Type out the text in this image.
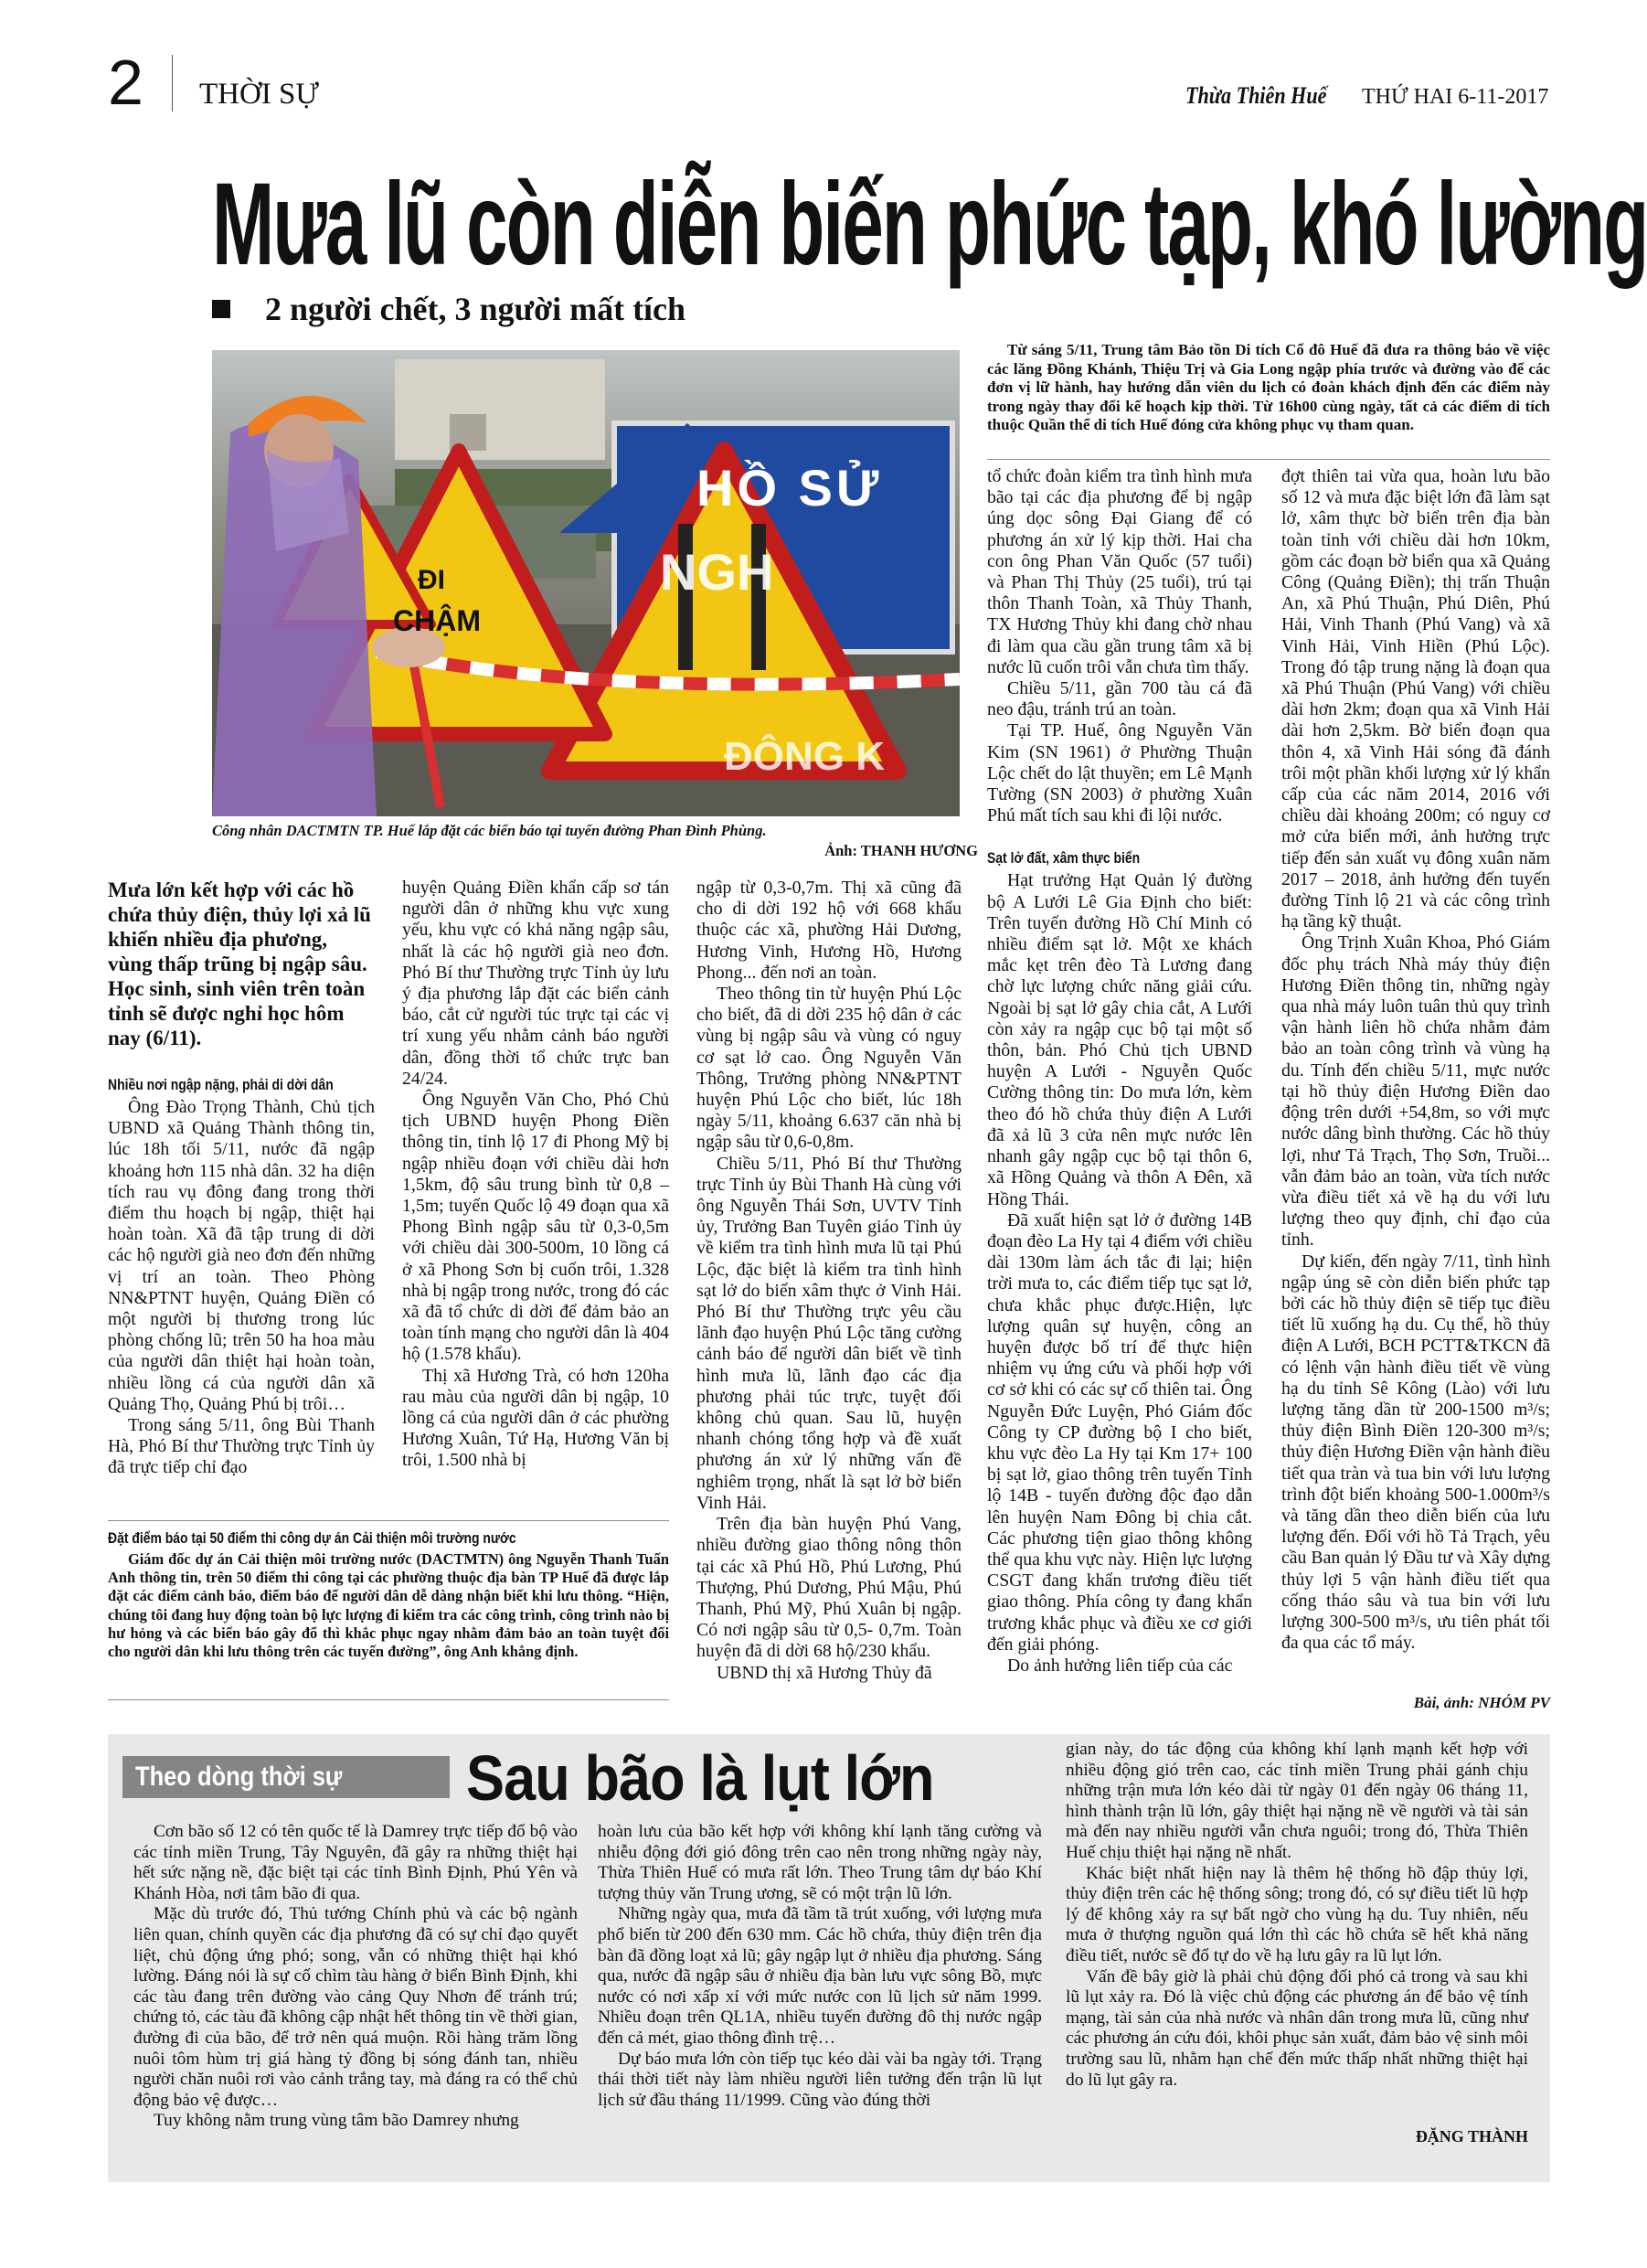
2 THỜI SỰ	Thừa Thiên Huế THỨ HAI 6-11-2017
Mưa lũ còn diễn biến phức tạp, khó lường
2 người chết, 3 người mất tích
ĐI
CHẬM
HỒ SỬ
NGH
ĐÔNG K
Công nhân DACTMTN TP. Huế lắp đặt các biển báo tại tuyến đường Phan Đình Phùng.
Ảnh: THANH HƯƠNG

Từ sáng 5/11, Trung tâm Bảo tồn Di tích Cố đô Huế đã đưa ra thông báo về việc các lăng Đồng Khánh, Thiệu Trị và Gia Long ngập phía trước và đường vào để các đơn vị lữ hành, hay hướng dẫn viên du lịch có đoàn khách định đến các điểm này trong ngày thay đổi kế hoạch kịp thời. Từ 16h00 cùng ngày, tất cả các điểm di tích thuộc Quần thể di tích Huế đóng cửa không phục vụ tham quan.

tổ chức đoàn kiểm tra tình hình mưa bão tại các địa phương để bị ngập úng dọc sông Đại Giang để có phương án xử lý kịp thời. Hai cha con ông Phan Văn Quốc (57 tuổi) và Phan Thị Thủy (25 tuổi), trú tại thôn Thanh Toàn, xã Thủy Thanh, TX Hương Thủy khi đang chờ nhau đi làm qua cầu gần trung tâm xã bị nước lũ cuốn trôi vẫn chưa tìm thấy.

Chiều 5/11, gần 700 tàu cá đã neo đậu, tránh trú an toàn.

Tại TP. Huế, ông Nguyễn Văn Kim (SN 1961) ở Phường Thuận Lộc chết do lật thuyền; em Lê Mạnh Tường (SN 2003) ở phường Xuân Phú mất tích sau khi đi lội nước.

Sạt lở đất, xâm thực biển

Hạt trưởng Hạt Quản lý đường bộ A Lưới Lê Gia Định cho biết: Trên tuyến đường Hồ Chí Minh có nhiều điểm sạt lở. Một xe khách mắc kẹt trên đèo Tà Lương đang chờ lực lượng chức năng giải cứu. Ngoài bị sạt lở gây chia cắt, A Lưới còn xảy ra ngập cục bộ tại một số thôn, bản. Phó Chủ tịch UBND huyện A Lưới - Nguyễn Quốc Cường thông tin: Do mưa lớn, kèm theo đó hồ chứa thủy điện A Lưới đã xả lũ 3 cửa nên mực nước lên nhanh gây ngập cục bộ tại thôn 6, xã Hồng Quảng và thôn A Đên, xã Hồng Thái.

Đã xuất hiện sạt lở ở đường 14B đoạn đèo La Hy tại 4 điểm với chiều dài 130m làm ách tắc đi lại; hiện trời mưa to, các điểm tiếp tục sạt lở, chưa khắc phục được.Hiện, lực lượng quân sự huyện, công an huyện được bố trí để thực hiện nhiệm vụ ứng cứu và phối hợp với cơ sở khi có các sự cố thiên tai. Ông Nguyễn Đức Luyện, Phó Giám đốc Công ty CP đường bộ I cho biết, khu vực đèo La Hy tại Km 17+ 100 bị sạt lở, giao thông trên tuyến Tỉnh lộ 14B - tuyến đường độc đạo dẫn lên huyện Nam Đông bị chia cắt. Các phương tiện giao thông không thể qua khu vực này. Hiện lực lượng CSGT đang khẩn trương điều tiết giao thông. Phía công ty đang khẩn trương khắc phục và điều xe cơ giới đến giải phóng.

Do ảnh hưởng liên tiếp của các

đợt thiên tai vừa qua, hoàn lưu bão số 12 và mưa đặc biệt lớn đã làm sạt lở, xâm thực bờ biển trên địa bàn toàn tỉnh với chiều dài hơn 10km, gồm các đoạn bờ biển qua xã Quảng Công (Quảng Điền); thị trấn Thuận An, xã Phú Thuận, Phú Diên, Phú Hải, Vinh Thanh (Phú Vang) và xã Vinh Hải, Vinh Hiền (Phú Lộc). Trong đó tập trung nặng là đoạn qua xã Phú Thuận (Phú Vang) với chiều dài hơn 2km; đoạn qua xã Vinh Hải dài hơn 2,5km. Bờ biển đoạn qua thôn 4, xã Vinh Hải sóng đã đánh trôi một phần khối lượng xử lý khẩn cấp của các năm 2014, 2016 với chiều dài khoảng 200m; có nguy cơ mở cửa biển mới, ảnh hưởng trực tiếp đến sản xuất vụ đông xuân năm 2017 – 2018, ảnh hưởng đến tuyến đường Tỉnh lộ 21 và các công trình hạ tầng kỹ thuật.

Ông Trịnh Xuân Khoa, Phó Giám đốc phụ trách Nhà máy thủy điện Hương Điền thông tin, những ngày qua nhà máy luôn tuân thủ quy trình vận hành liên hồ chứa nhằm đảm bảo an toàn công trình và vùng hạ du. Tính đến chiều 5/11, mực nước tại hồ thủy điện Hương Điền dao động trên dưới +54,8m, so với mực nước dâng bình thường. Các hồ thủy lợi, như Tả Trạch, Thọ Sơn, Truồi... vẫn đảm bảo an toàn, vừa tích nước vừa điều tiết xả về hạ du với lưu lượng theo quy định, chỉ đạo của tỉnh.

Dự kiến, đến ngày 7/11, tình hình ngập úng sẽ còn diễn biến phức tạp bởi các hồ thủy điện sẽ tiếp tục điều tiết lũ xuống hạ du. Cụ thể, hồ thủy điện A Lưới, BCH PCTT&TKCN đã có lệnh vận hành điều tiết về vùng hạ du tỉnh Sê Kông (Lào) với lưu lượng tăng dần từ 200-1500 m³/s; thủy điện Bình Điền 120-300 m³/s; thủy điện Hương Điền vận hành điều tiết qua tràn và tua bin với lưu lượng trình đột biến khoảng 500-1.000m³/s và tăng dần theo diễn biến của lưu lượng đến. Đối với hồ Tả Trạch, yêu cầu Ban quản lý Đầu tư và Xây dựng thủy lợi 5 vận hành điều tiết qua cống tháo sâu và tua bin với lưu lượng 300-500 m³/s, ưu tiên phát tối đa qua các tổ máy.

Bài, ảnh: NHÓM PV
Mưa lớn kết hợp với các hồ chứa thủy điện, thủy lợi xả lũ khiến nhiều địa phương, vùng thấp trũng bị ngập sâu. Học sinh, sinh viên trên toàn tỉnh sẽ được nghỉ học hôm nay (6/11).
Nhiều nơi ngập nặng, phải di dời dân

Ông Đào Trọng Thành, Chủ tịch UBND xã Quảng Thành thông tin, lúc 18h tối 5/11, nước đã ngập khoảng hơn 115 nhà dân. 32 ha diện tích rau vụ đông đang trong thời điểm thu hoạch bị ngập, thiệt hại hoàn toàn. Xã đã tập trung di dời các hộ người già neo đơn đến những vị trí an toàn. Theo Phòng NN&PTNT huyện, Quảng Điền có một người bị thương trong lúc phòng chống lũ; trên 50 ha hoa màu của người dân thiệt hại hoàn toàn, nhiều lồng cá của người dân xã Quảng Thọ, Quảng Phú bị trôi…

Trong sáng 5/11, ông Bùi Thanh Hà, Phó Bí thư Thường trực Tỉnh ủy đã trực tiếp chỉ đạo

huyện Quảng Điền khẩn cấp sơ tán người dân ở những khu vực xung yếu, khu vực có khả năng ngập sâu, nhất là các hộ người già neo đơn. Phó Bí thư Thường trực Tỉnh ủy lưu ý địa phương lắp đặt các biển cảnh báo, cắt cử người túc trực tại các vị trí xung yếu nhằm cảnh báo người dân, đồng thời tổ chức trực ban 24/24.

Ông Nguyễn Văn Cho, Phó Chủ tịch UBND huyện Phong Điền thông tin, tỉnh lộ 17 đi Phong Mỹ bị ngập nhiều đoạn với chiều dài hơn 1,5km, độ sâu trung bình từ 0,8 – 1,5m; tuyến Quốc lộ 49 đoạn qua xã Phong Bình ngập sâu từ 0,3-0,5m với chiều dài 300-500m, 10 lồng cá ở xã Phong Sơn bị cuốn trôi, 1.328 nhà bị ngập trong nước, trong đó các xã đã tổ chức di dời để đảm bảo an toàn tính mạng cho người dân là 404 hộ (1.578 khẩu).

Thị xã Hương Trà, có hơn 120ha rau màu của người dân bị ngập, 10 lồng cá của người dân ở các phường Hương Xuân, Tứ Hạ, Hương Văn bị trôi, 1.500 nhà bị

ngập từ 0,3-0,7m. Thị xã cũng đã cho di dời 192 hộ với 668 khẩu thuộc các xã, phường Hải Dương, Hương Vinh, Hương Hồ, Hương Phong... đến nơi an toàn.

Theo thông tin từ huyện Phú Lộc cho biết, đã di dời 235 hộ dân ở các vùng bị ngập sâu và vùng có nguy cơ sạt lở cao. Ông Nguyễn Văn Thông, Trưởng phòng NN&PTNT huyện Phú Lộc cho biết, lúc 18h ngày 5/11, khoảng 6.637 căn nhà bị ngập sâu từ 0,6-0,8m.

Chiều 5/11, Phó Bí thư Thường trực Tỉnh ủy Bùi Thanh Hà cùng với ông Nguyễn Thái Sơn, UVTV Tỉnh ủy, Trưởng Ban Tuyên giáo Tỉnh ủy về kiểm tra tình hình mưa lũ tại Phú Lộc, đặc biệt là kiểm tra tình hình sạt lở do biển xâm thực ở Vinh Hải. Phó Bí thư Thường trực yêu cầu lãnh đạo huyện Phú Lộc tăng cường cảnh báo để người dân biết về tình hình mưa lũ, lãnh đạo các địa phương phải túc trực, tuyệt đối không chủ quan. Sau lũ, huyện nhanh chóng tổng hợp và đề xuất phương án xử lý những vấn đề nghiêm trọng, nhất là sạt lở bờ biển Vinh Hải.

Trên địa bàn huyện Phú Vang, nhiều đường giao thông nông thôn tại các xã Phú Hồ, Phú Lương, Phú Thượng, Phú Dương, Phú Mậu, Phú Thanh, Phú Mỹ, Phú Xuân bị ngập. Có nơi ngập sâu từ 0,5- 0,7m. Toàn huyện đã di dời 68 hộ/230 khẩu.

UBND thị xã Hương Thủy đã

Đặt điểm báo tại 50 điểm thi công dự án Cải thiện môi trường nước

Giám đốc dự án Cải thiện môi trường nước (DACTMTN) ông Nguyễn Thanh Tuấn Anh thông tin, trên 50 điểm thi công tại các phường thuộc địa bàn TP Huế đã được lắp đặt các điểm cảnh báo, điểm báo để người dân dễ dàng nhận biết khi lưu thông. “Hiện, chúng tôi đang huy động toàn bộ lực lượng đi kiểm tra các công trình, công trình nào bị hư hỏng và các biển báo gây đổ thì khắc phục ngay nhằm đảm bảo an toàn tuyệt đối cho người dân khi lưu thông trên các tuyến đường”, ông Anh khẳng định.

Theo dòng thời sự Sau bão là lụt lớn

Cơn bão số 12 có tên quốc tế là Damrey trực tiếp đổ bộ vào các tỉnh miền Trung, Tây Nguyên, đã gây ra những thiệt hại hết sức nặng nề, đặc biệt tại các tỉnh Bình Định, Phú Yên và Khánh Hòa, nơi tâm bão đi qua.

Mặc dù trước đó, Thủ tướng Chính phủ và các bộ ngành liên quan, chính quyền các địa phương đã có sự chỉ đạo quyết liệt, chủ động ứng phó; song, vẫn có những thiệt hại khó lường. Đáng nói là sự cố chìm tàu hàng ở biển Bình Định, khi các tàu đang trên đường vào cảng Quy Nhơn để tránh trú; chứng tỏ, các tàu đã không cập nhật hết thông tin về thời gian, đường đi của bão, để trở nên quá muộn. Rồi hàng trăm lồng nuôi tôm hùm trị giá hàng tỷ đồng bị sóng đánh tan, nhiều người chăn nuôi rơi vào cảnh trắng tay, mà đáng ra có thể chủ động bảo vệ được…

Tuy không nằm trung vùng tâm bão Damrey nhưng

hoàn lưu của bão kết hợp với không khí lạnh tăng cường và nhiễu động đới gió đông trên cao nên trong những ngày này, Thừa Thiên Huế có mưa rất lớn. Theo Trung tâm dự báo Khí tượng thủy văn Trung ương, sẽ có một trận lũ lớn.

Những ngày qua, mưa đã tầm tã trút xuống, với lượng mưa phổ biến từ 200 đến 630 mm. Các hồ chứa, thủy điện trên địa bàn đã đồng loạt xả lũ; gây ngập lụt ở nhiều địa phương. Sáng qua, nước đã ngập sâu ở nhiều địa bàn lưu vực sông Bồ, mực nước có nơi xấp xỉ với mức nước con lũ lịch sử năm 1999. Nhiều đoạn trên QL1A, nhiều tuyến đường đô thị nước ngập đến cả mét, giao thông đình trệ…

Dự báo mưa lớn còn tiếp tục kéo dài vài ba ngày tới. Trạng thái thời tiết này làm nhiều người liên tưởng đến trận lũ lụt lịch sử đầu tháng 11/1999. Cũng vào đúng thời

gian này, do tác động của không khí lạnh mạnh kết hợp với nhiều động gió trên cao, các tỉnh miền Trung phải gánh chịu những trận mưa lớn kéo dài từ ngày 01 đến ngày 06 tháng 11, hình thành trận lũ lớn, gây thiệt hại nặng nề về người và tài sản mà đến nay nhiều người vẫn chưa nguôi; trong đó, Thừa Thiên Huế chịu thiệt hại nặng nề nhất.

Khác biệt nhất hiện nay là thêm hệ thống hồ đập thủy lợi, thủy điện trên các hệ thống sông; trong đó, có sự điều tiết lũ hợp lý để không xảy ra sự bất ngờ cho vùng hạ du. Tuy nhiên, nếu mưa ở thượng nguồn quá lớn thì các hồ chứa sẽ hết khả năng điều tiết, nước sẽ đổ tự do về hạ lưu gây ra lũ lụt lớn.

Vấn đề bây giờ là phải chủ động đối phó cả trong và sau khi lũ lụt xảy ra. Đó là việc chủ động các phương án để bảo vệ tính mạng, tài sản của nhà nước và nhân dân trong mưa lũ, cũng như các phương án cứu đói, khôi phục sản xuất, đảm bảo vệ sinh môi trường sau lũ, nhằm hạn chế đến mức thấp nhất những thiệt hại do lũ lụt gây ra.

ĐẶNG THÀNH
